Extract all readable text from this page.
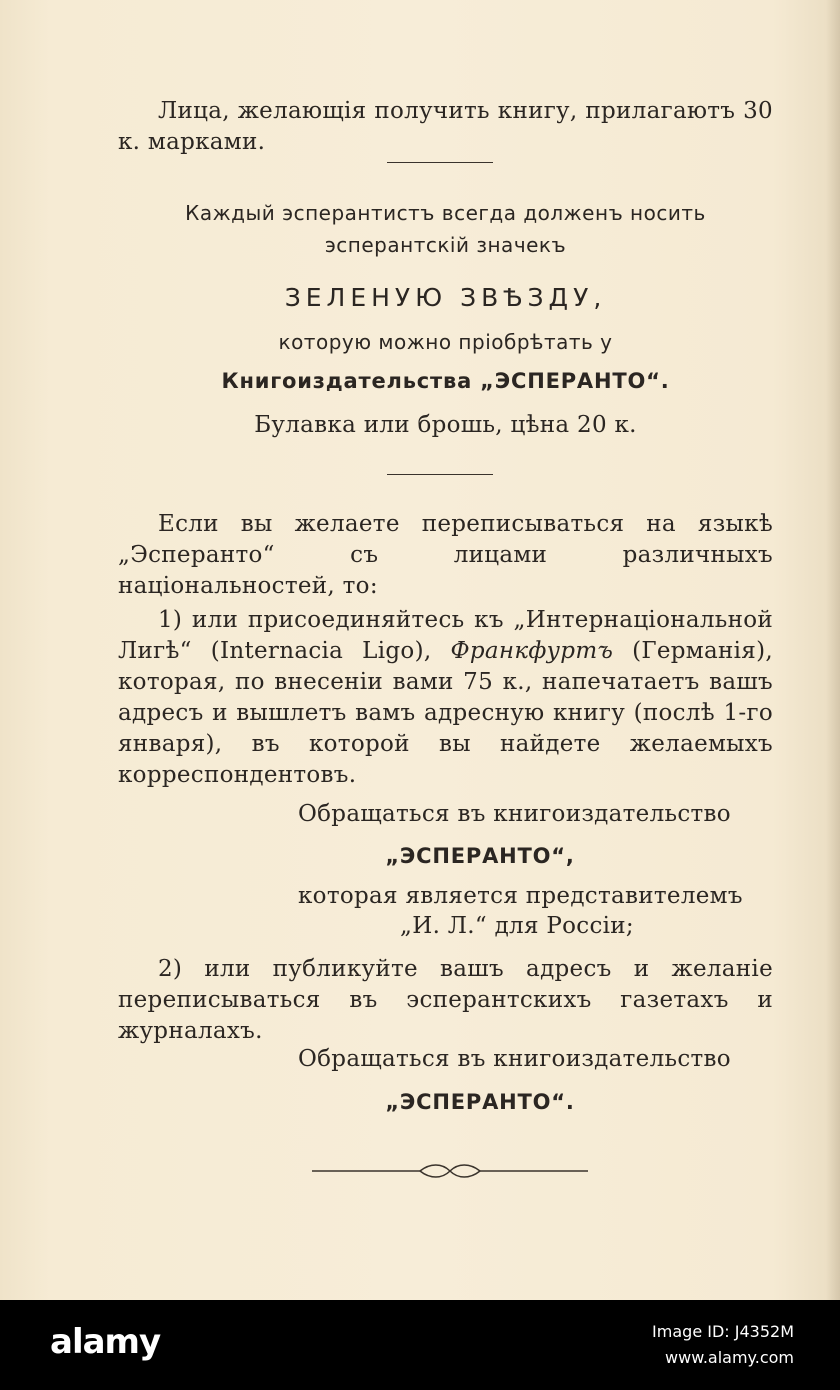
Лица, желающія получить книгу, прилагаютъ 30 к. марками.
Каждый эсперантистъ всегда долженъ носить эсперантскій значекъ
ЗЕЛЕНУЮ ЗВѢЗДУ,
которую можно пріобрѣтать у
Книгоиздательства „ЭСПЕРАНТО“.
Булавка или брошь, цѣна 20 к.
Если вы желаете переписываться на языкѣ „Эсперанто“ съ лицами различныхъ національностей, то:
1) или присоединяйтесь къ „Интернаціональной Лигѣ“ (Internacia Ligo), Франкфуртъ (Германія), которая, по внесеніи вами 75 к., напечатаетъ вашъ адресъ и вышлетъ вамъ адресную книгу (послѣ 1-го января), въ которой вы найдете желаемыхъ корреспондентовъ.
Обращаться въ книгоиздательство
„ЭСПЕРАНТО“,
которая является представителемъ
„И. Л.“ для Россіи;
2) или публикуйте вашъ адресъ и желаніе переписываться въ эсперантскихъ газетахъ и журналахъ.
Обращаться въ книгоиздательство
„ЭСПЕРАНТО“.
alamy	Image ID: J4352M
www.alamy.com
